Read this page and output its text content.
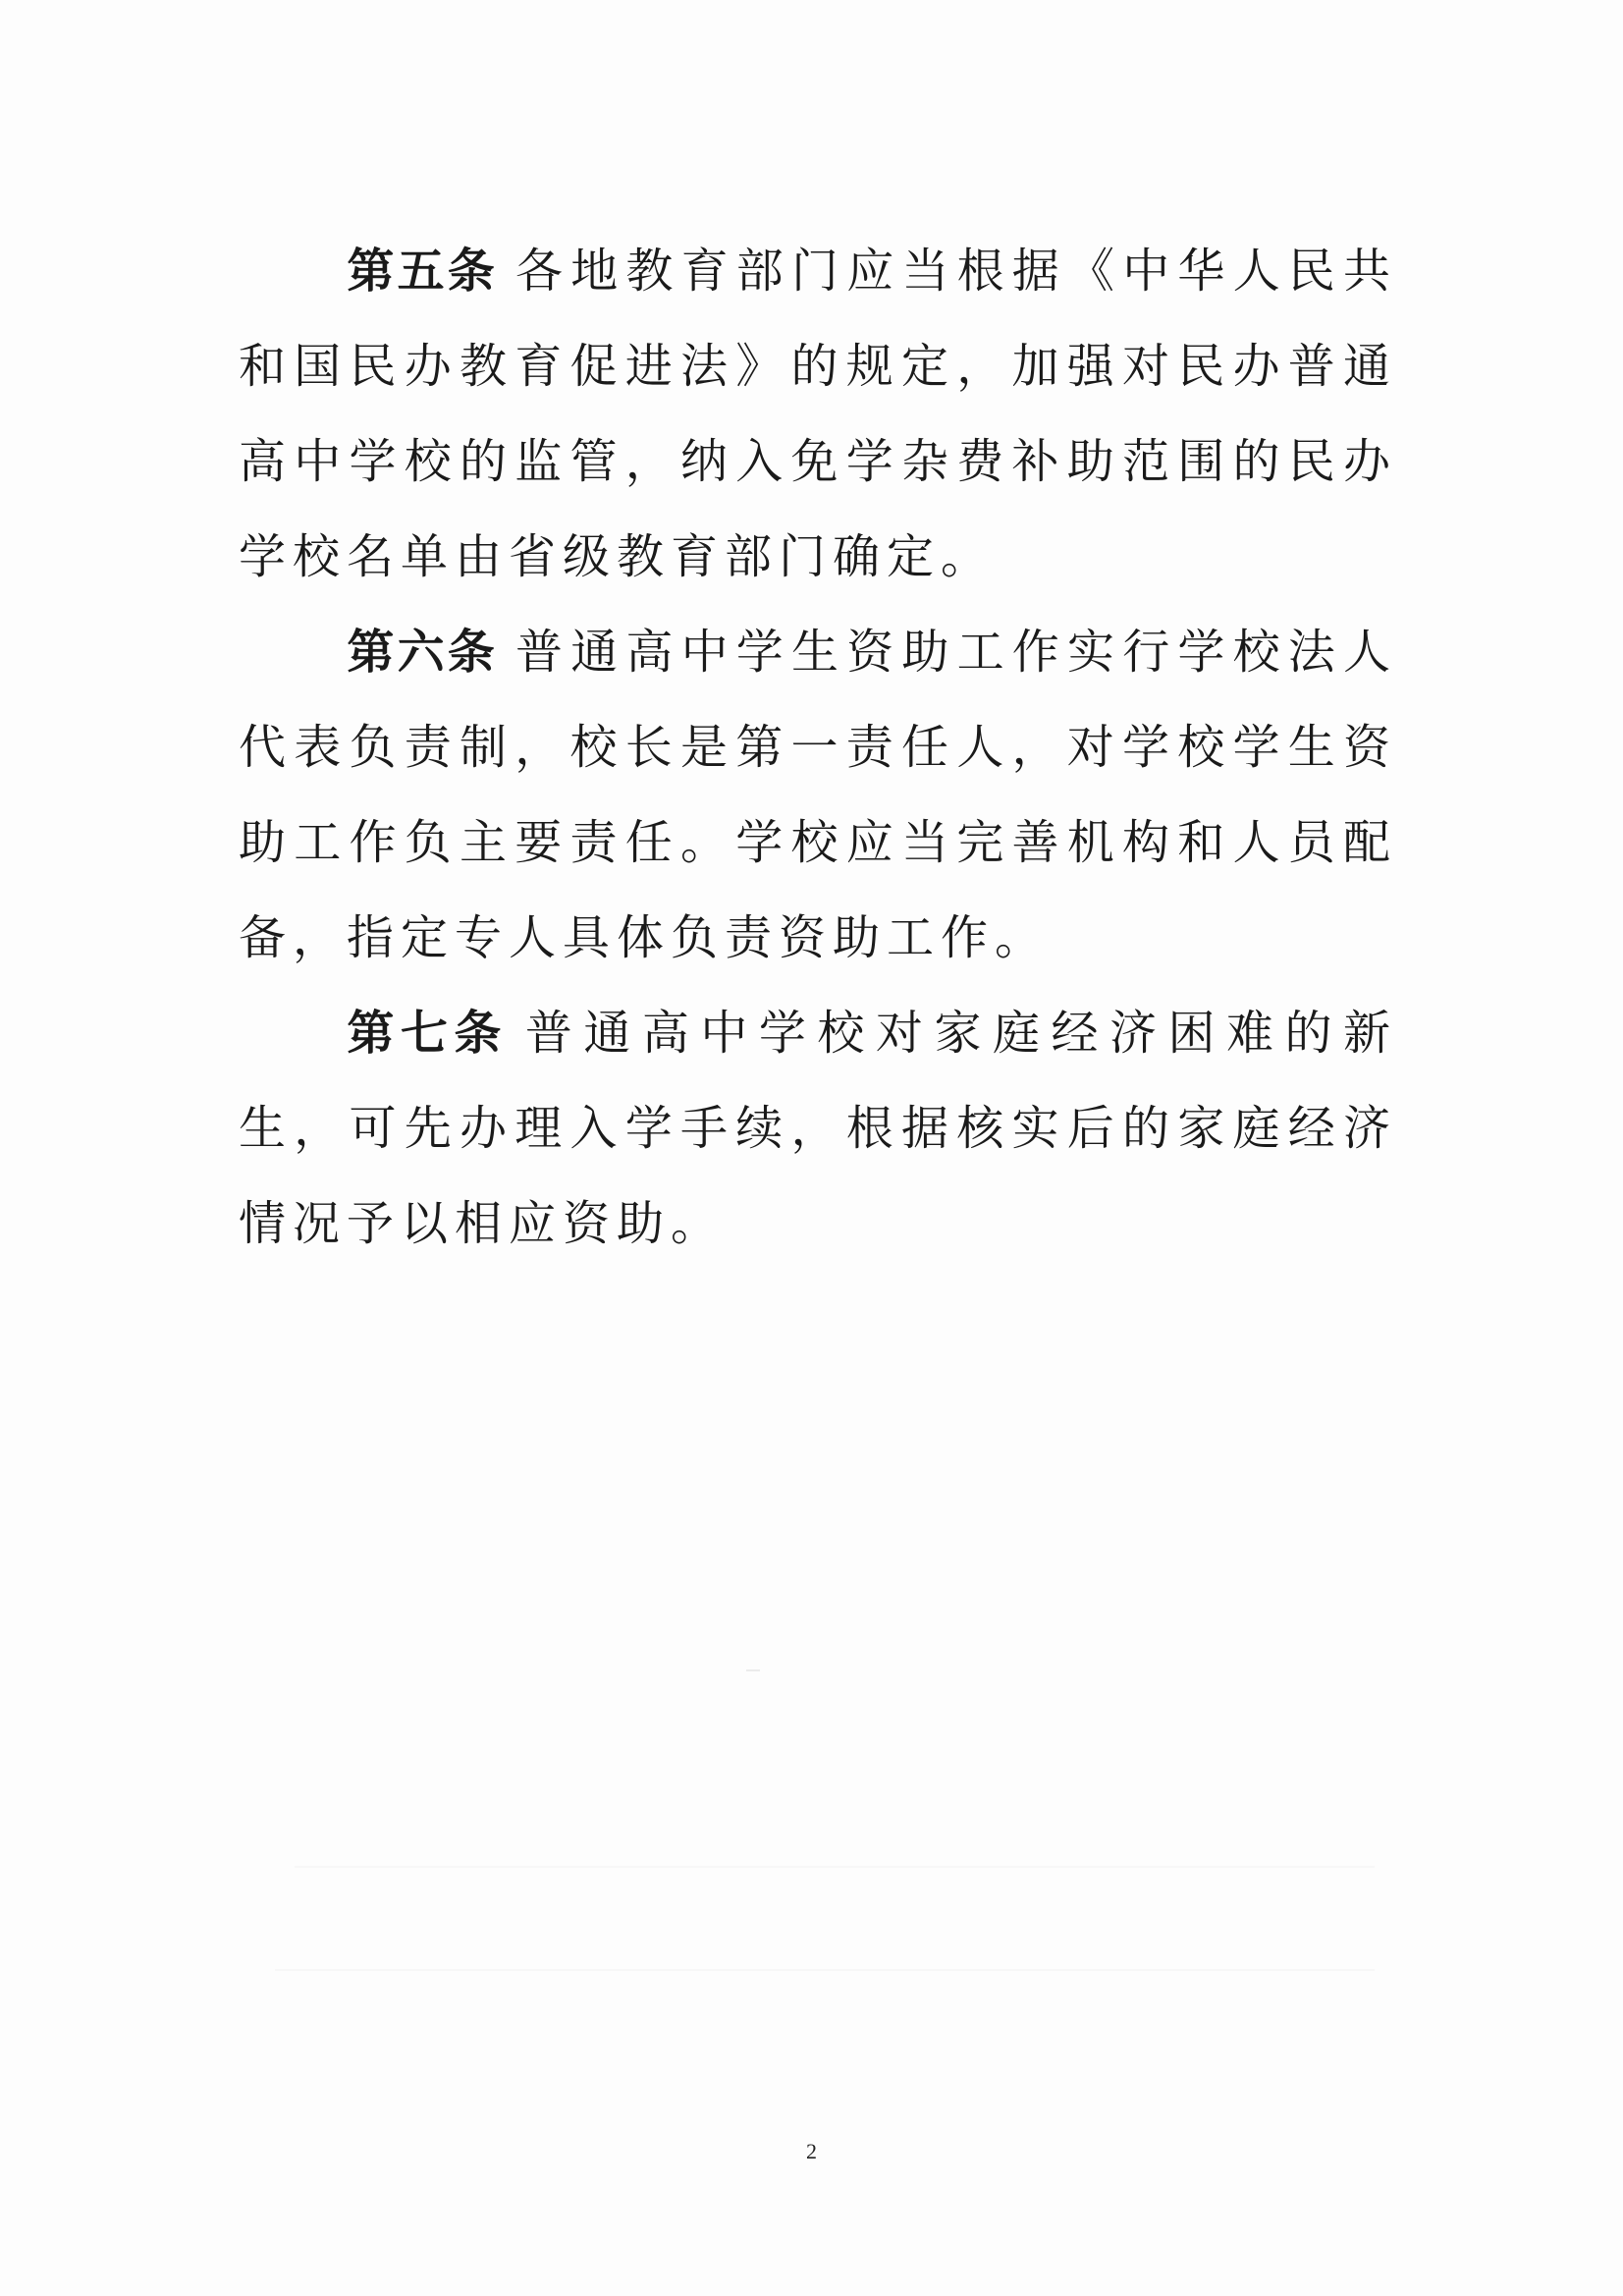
第五条 各地教育部门应当根据《中华人民共和国民办教育促进法》的规定，加强对民办普通高中学校的监管，纳入免学杂费补助范围的民办学校名单由省级教育部门确定。

第六条 普通高中学生资助工作实行学校法人代表负责制，校长是第一责任人，对学校学生资助工作负主要责任。学校应当完善机构和人员配备，指定专人具体负责资助工作。

第七条 普通高中学校对家庭经济困难的新生，可先办理入学手续，根据核实后的家庭经济情况予以相应资助。

2
